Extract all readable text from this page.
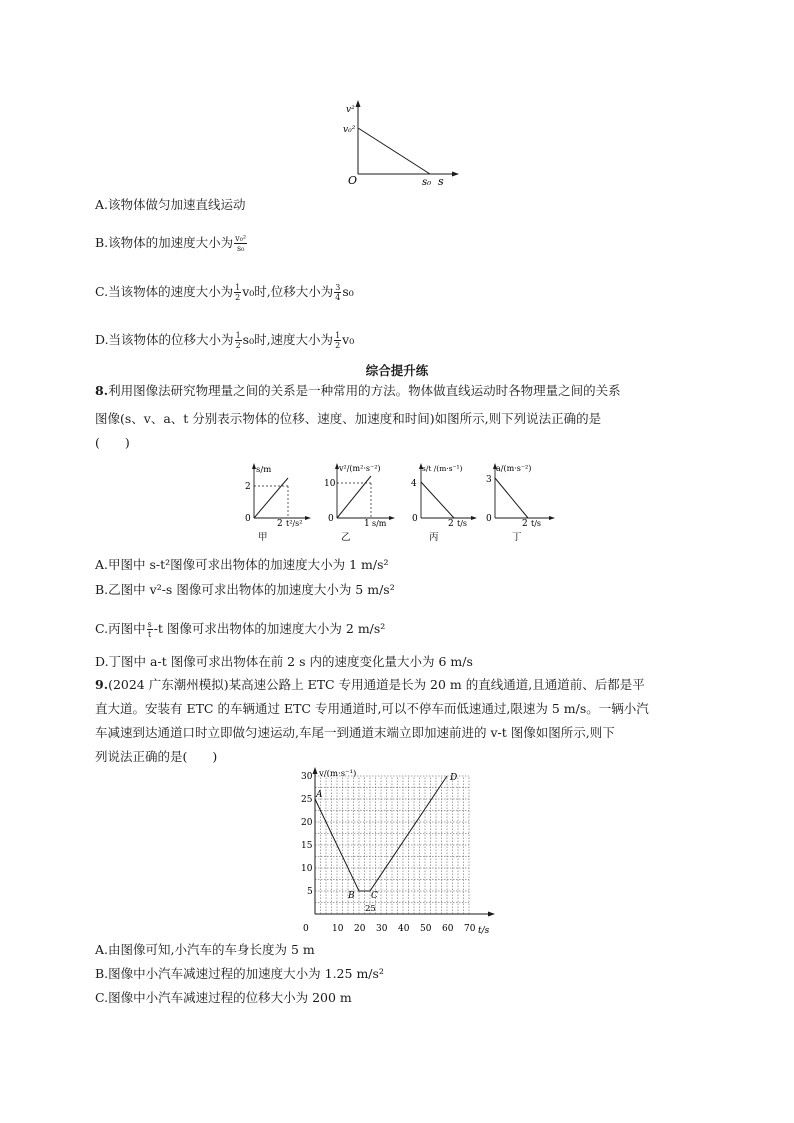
v²
v₀²
O	s₀ s
A.该物体做匀加速直线运动
B.该物体的加速度大小为 $\frac{\text{v₀²}}{\text{s₀}}$
C.当该物体的速度大小为 $\frac{1}{2} v_0$时,位移大小为 $\frac{3}{4} s_0$
D.当该物体的位移大小为 $\frac{1}{2} s_0$时,速度大小为 $\frac{1}{2} v_0$
综合提升练
8.利用图像法研究物理量之间的关系是一种常用的方法。物体做直线运动时各物理量之间的关系
图像(s、v、a、t 分别表示物体的位移、速度、加速度和时间)如图所示,则下列说法正确的是
(　　)
s/m
2
0	2 t²/s²
甲
v²/(m²·s⁻²)
10
0	1 s/m
乙
s/t /(m·s⁻¹)
4
0	2 t/s
丙
a/(m·s⁻²)
3
0	2 t/s
丁
A.甲图中 s-t²图像可求出物体的加速度大小为 1 m/s²
B.乙图中 v²-s 图像可求出物体的加速度大小为 5 m/s²
C.丙图中 $\frac{s}{t} -t$ 图像可求出物体的加速度大小为 2 m/s²
D.丁图中 a-t 图像可求出物体在前 2 s 内的速度变化量大小为 6 m/s
9.(2024 广东潮州模拟)某高速公路上 ETC 专用通道是长为 20 m 的直线通道,且通道前、后都是平
直大道。安装有 ETC 的车辆通过 ETC 专用通道时,可以不停车而低速通过,限速为 5 m/s。一辆小汽
车减速到达通道口时立即做匀速运动,车尾一到通道末端立即加速前进的 v-t 图像如图所示,则下
列说法正确的是(　　)
0
5
10
15
20
25
30
10 20 30 40 50 60 70
v/(m·s⁻¹)
t/s
A
B C
D
25
A.由图像可知,小汽车的车身长度为 5 m
B.图像中小汽车减速过程的加速度大小为 1.25 m/s²
C.图像中小汽车减速过程的位移大小为 200 m
